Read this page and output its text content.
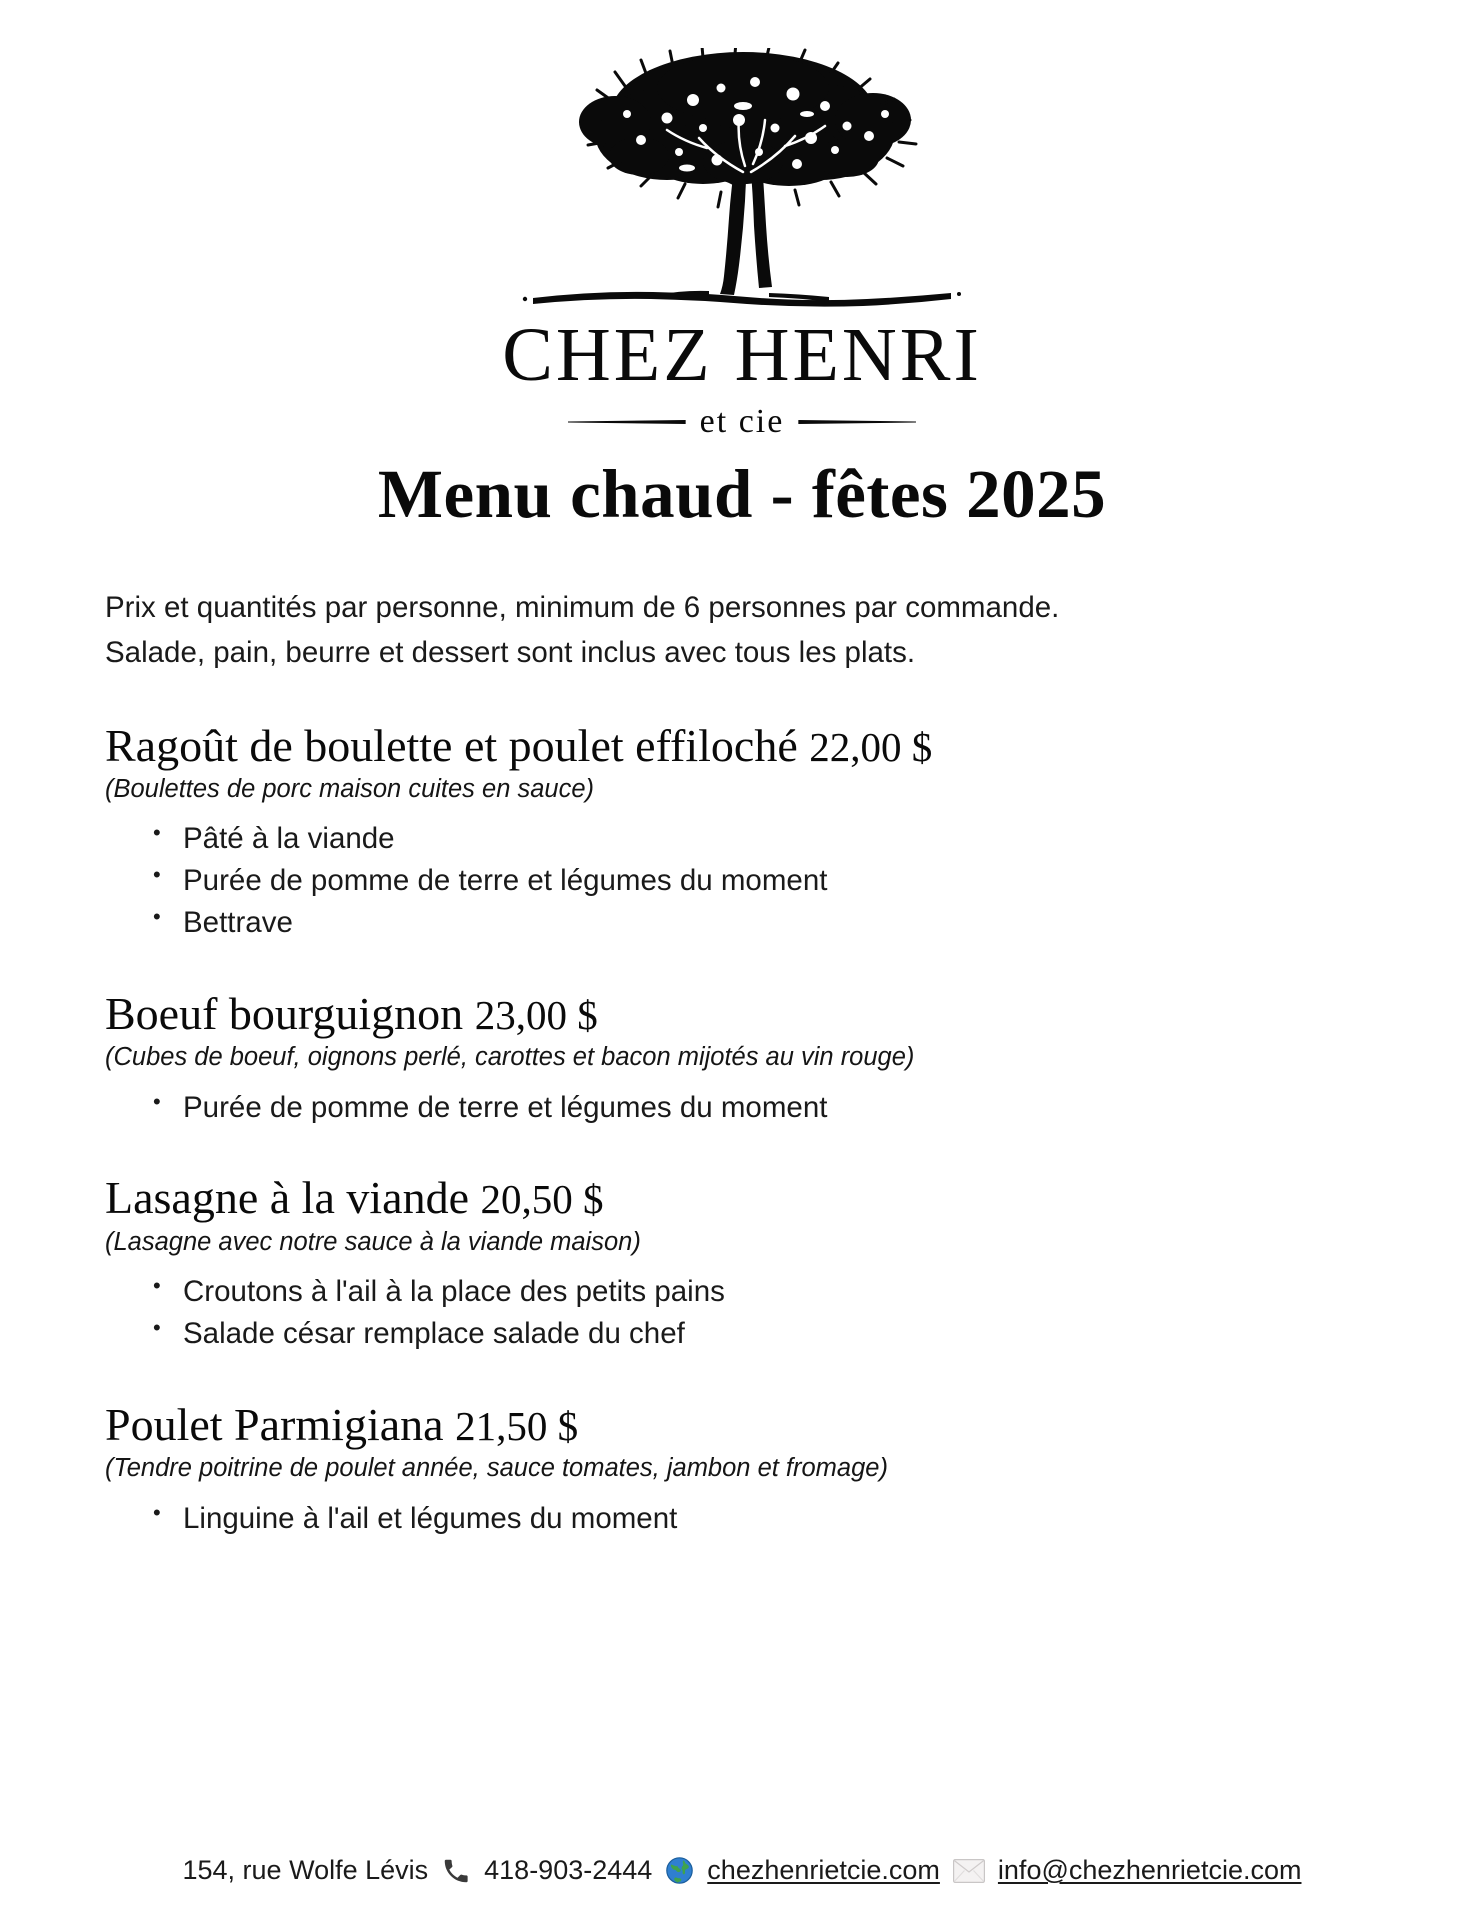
CHEZ HENRI
et cie
Menu chaud - fêtes 2025
Prix et quantités par personne, minimum de 6 personnes par commande.
Salade, pain, beurre et dessert sont inclus avec tous les plats.
Ragoût de boulette et poulet effiloché 22,00 $
(Boulettes de porc maison cuites en sauce)
• Pâté à la viande
• Purée de pomme de terre et légumes du moment
• Bettrave
Boeuf bourguignon 23,00 $
(Cubes de boeuf, oignons perlé, carottes et bacon mijotés au vin rouge)
• Purée de pomme de terre et légumes du moment
Lasagne à la viande 20,50 $
(Lasagne avec notre sauce à la viande maison)
• Croutons à l'ail à la place des petits pains
• Salade césar remplace salade du chef
Poulet Parmigiana 21,50 $
(Tendre poitrine de poulet année, sauce tomates, jambon et fromage)
• Linguine à l'ail et légumes du moment
154, rue Wolfe Lévis 418-903-2444 chezhenrietcie.com info@chezhenrietcie.com
